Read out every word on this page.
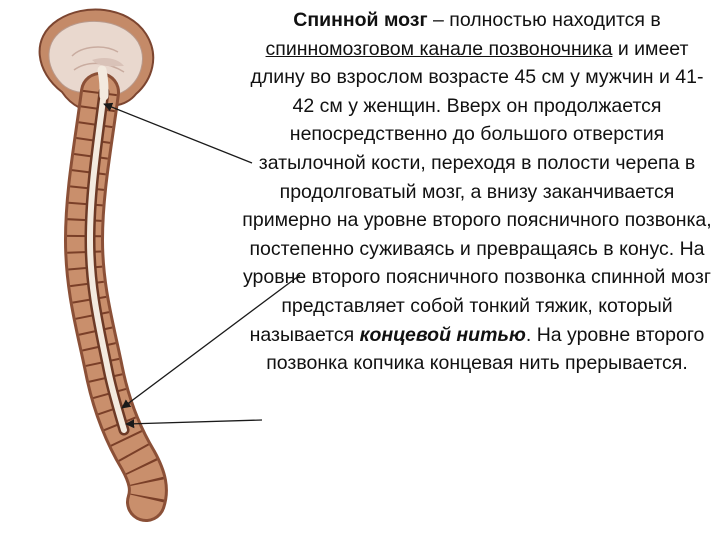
Спинной мозг – полностью находится в спинномозговом канале позвоночника и имеет длину во взрослом возрасте 45 см у мужчин и 41-42 см у женщин. Вверх он продолжается непосредственно до большого отверстия затылочной кости, переходя в полости черепа в продолговатый мозг, а внизу заканчивается примерно на уровне второго поясничного позвонка, постепенно суживаясь и превращаясь в конус. На уровне второго поясничного позвонка спинной мозг представляет собой тонкий тяжик, который называется концевой нитью. На уровне второго позвонка копчика концевая нить прерывается.
